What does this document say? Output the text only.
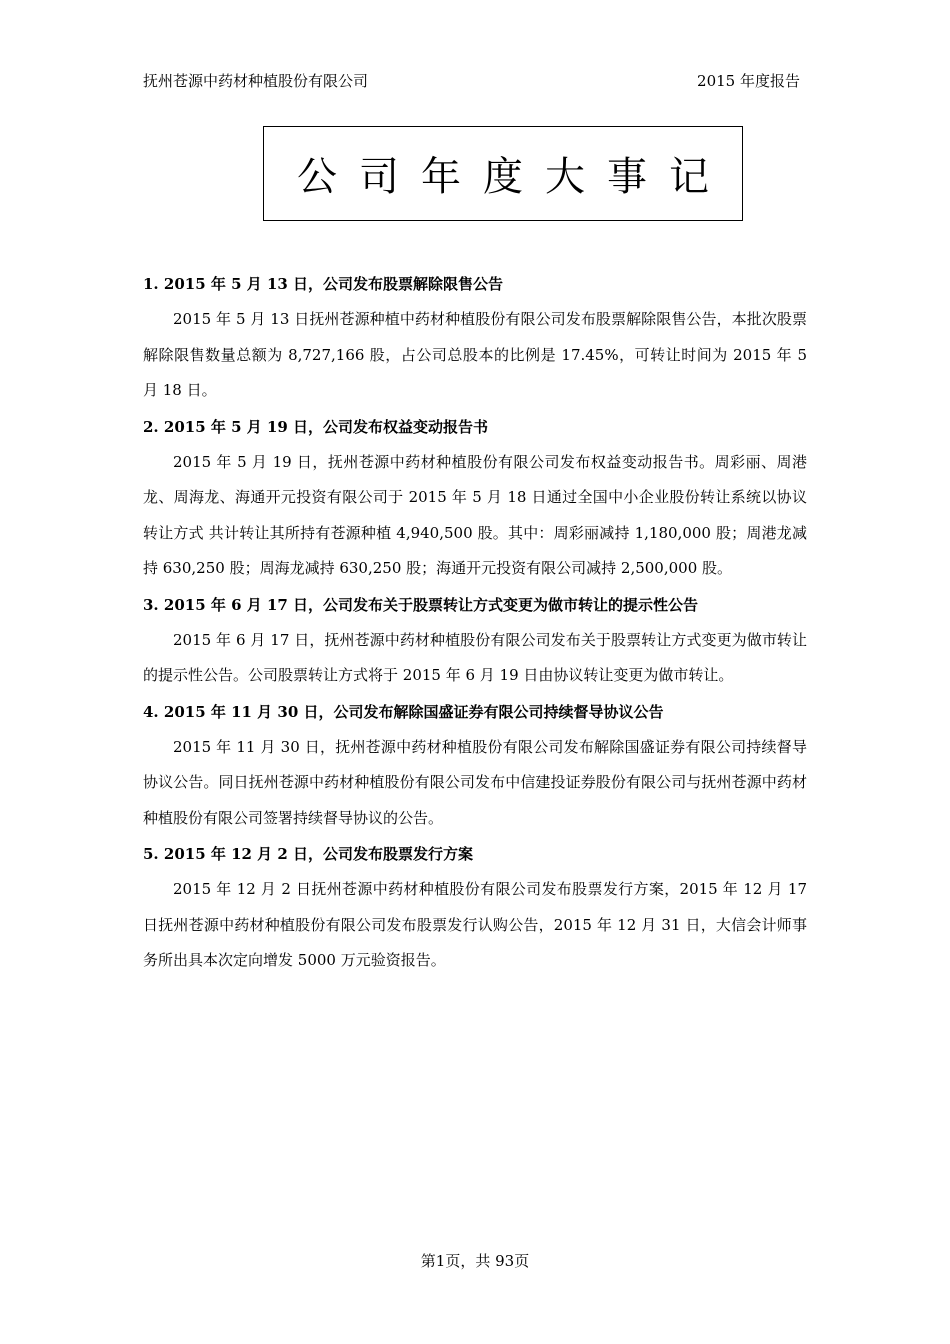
抚州苍源中药材种植股份有限公司	2015 年度报告
公司年度大事记
1. 2015 年 5 月 13 日，公司发布股票解除限售公告

2015 年 5 月 13 日抚州苍源种植中药材种植股份有限公司发布股票解除限售公告，本批次股票解除限售数量总额为 8,727,166 股，占公司总股本的比例是 17.45%，可转让时间为 2015 年 5 月 18 日。

2. 2015 年 5 月 19 日，公司发布权益变动报告书

2015 年 5 月 19 日，抚州苍源中药材种植股份有限公司发布权益变动报告书。周彩丽、周港龙、周海龙、海通开元投资有限公司于 2015 年 5 月 18 日通过全国中小企业股份转让系统以协议转让方式 共计转让其所持有苍源种植 4,940,500 股。其中：周彩丽减持 1,180,000 股；周港龙减持 630,250 股；周海龙减持 630,250 股；海通开元投资有限公司减持 2,500,000 股。

3. 2015 年 6 月 17 日，公司发布关于股票转让方式变更为做市转让的提示性公告

2015 年 6 月 17 日，抚州苍源中药材种植股份有限公司发布关于股票转让方式变更为做市转让的提示性公告。公司股票转让方式将于 2015 年 6 月 19 日由协议转让变更为做市转让。

4. 2015 年 11 月 30 日，公司发布解除国盛证券有限公司持续督导协议公告

2015 年 11 月 30 日，抚州苍源中药材种植股份有限公司发布解除国盛证券有限公司持续督导协议公告。同日抚州苍源中药材种植股份有限公司发布中信建投证券股份有限公司与抚州苍源中药材种植股份有限公司签署持续督导协议的公告。

5. 2015 年 12 月 2 日，公司发布股票发行方案

2015 年 12 月 2 日抚州苍源中药材种植股份有限公司发布股票发行方案，2015 年 12 月 17 日抚州苍源中药材种植股份有限公司发布股票发行认购公告，2015 年 12 月 31 日，大信会计师事务所出具本次定向增发 5000 万元验资报告。

第1页，共 93页
